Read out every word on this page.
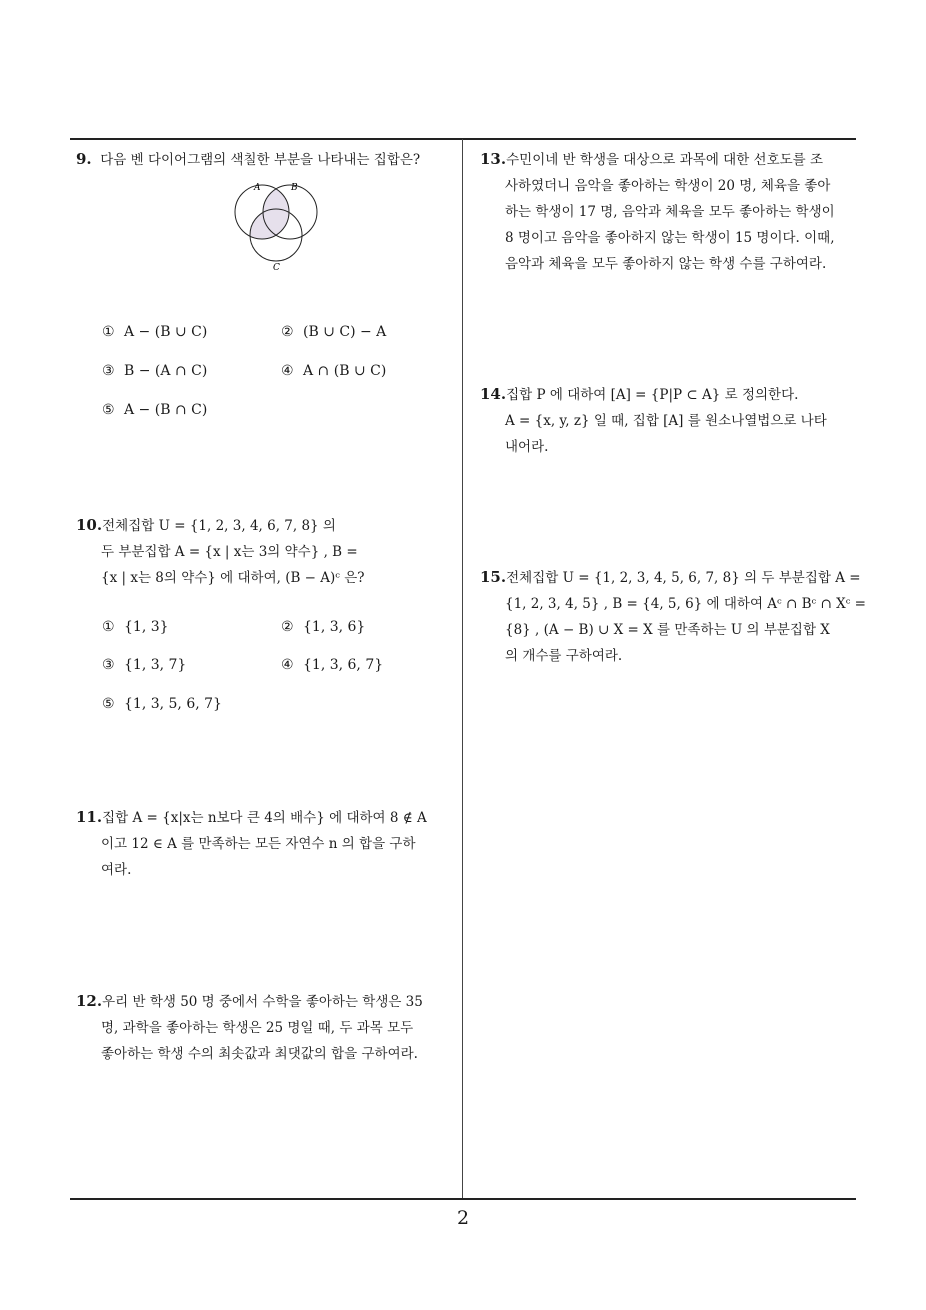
9. 다음 벤 다이어그램의 색칠한 부분을 나타내는 집합은?
A	B
C
① A − (B ∪ C)	② (B ∪ C) − A
③ B − (A ∩ C)	④ A ∩ (B ∪ C)
⑤ A − (B ∩ C)
10.전체집합 U = {1, 2, 3, 4, 6, 7, 8} 의
두 부분집합 A = {x | x는 3의 약수} , B =
{x | x는 8의 약수} 에 대하여, (B − A)ᶜ 은?
① {1, 3}	② {1, 3, 6}
③ {1, 3, 7}	④ {1, 3, 6, 7}
⑤ {1, 3, 5, 6, 7}
11.집합 A = {x|x는 n보다 큰 4의 배수} 에 대하여 8 ∉ A
이고 12 ∈ A 를 만족하는 모든 자연수 n 의 합을 구하
여라.
12.우리 반 학생 50 명 중에서 수학을 좋아하는 학생은 35
명, 과학을 좋아하는 학생은 25 명일 때, 두 과목 모두
좋아하는 학생 수의 최솟값과 최댓값의 합을 구하여라.
13.수민이네 반 학생을 대상으로 과목에 대한 선호도를 조
사하였더니 음악을 좋아하는 학생이 20 명, 체육을 좋아
하는 학생이 17 명, 음악과 체육을 모두 좋아하는 학생이
8 명이고 음악을 좋아하지 않는 학생이 15 명이다. 이때,
음악과 체육을 모두 좋아하지 않는 학생 수를 구하여라.
14.집합 P 에 대하여 [A] = {P|P ⊂ A} 로 정의한다.
A = {x, y, z} 일 때, 집합 [A] 를 원소나열법으로 나타
내어라.
15.전체집합 U = {1, 2, 3, 4, 5, 6, 7, 8} 의 두 부분집합 A =
{1, 2, 3, 4, 5} , B = {4, 5, 6} 에 대하여 Aᶜ ∩ Bᶜ ∩ Xᶜ =
{8} , (A − B) ∪ X = X 를 만족하는 U 의 부분집합 X
의 개수를 구하여라.
2
